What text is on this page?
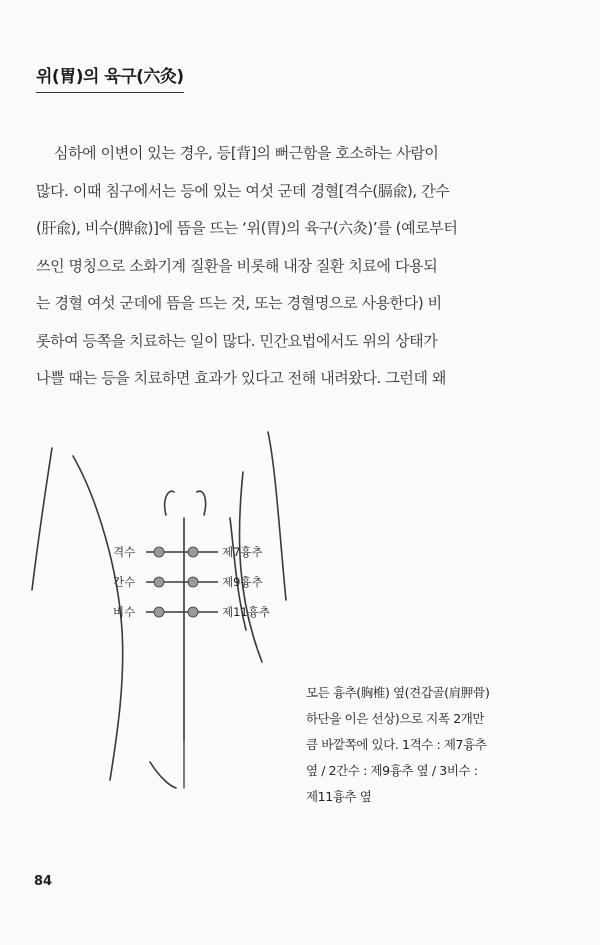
위(胃)의 육구(六灸)
심하에 이변이 있는 경우, 등[背]의 뻐근함을 호소하는 사람이
많다. 이때 침구에서는 등에 있는 여섯 군데 경혈[격수(膈兪), 간수
(肝兪), 비수(脾兪)]에 뜸을 뜨는 ‘위(胃)의 육구(六灸)’를 (예로부터
쓰인 명칭으로 소화기계 질환을 비롯해 내장 질환 치료에 다용되
는 경혈 여섯 군데에 뜸을 뜨는 것, 또는 경혈명으로 사용한다) 비
롯하여 등쪽을 치료하는 일이 많다. 민간요법에서도 위의 상태가
나쁠 때는 등을 치료하면 효과가 있다고 전해 내려왔다. 그런데 왜
격수	제7흉추
간수	제9흉추
비수	제11흉추
모든 흉추(胸椎) 옆(견갑골(肩胛骨)
하단을 이은 선상)으로 지폭 2개만
큼 바깥쪽에 있다. 1격수 : 제7흉추
옆 / 2간수 : 제9흉추 옆 / 3비수 :
제11흉추 옆
84
